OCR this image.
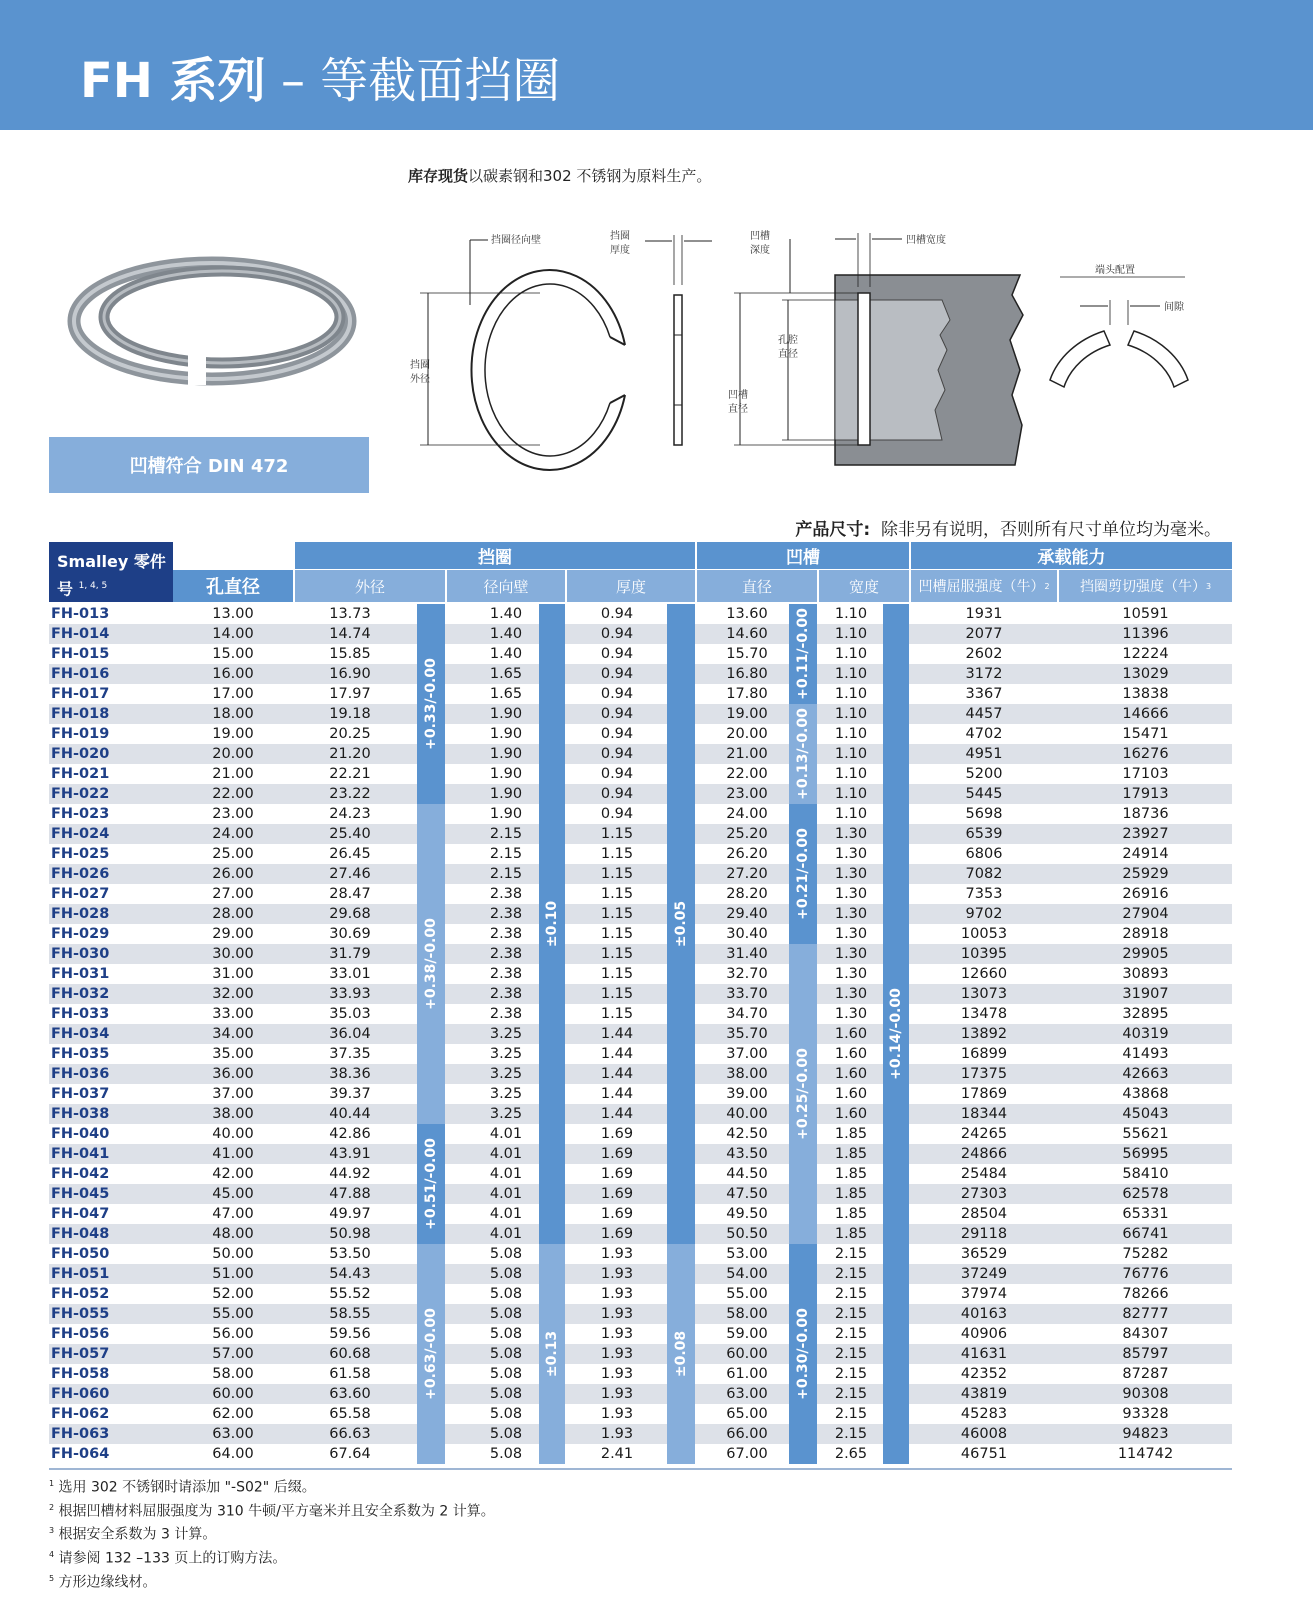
FH 系列 – 等截面挡圈
库存现货以碳素钢和302 不锈钢为原料生产。
凹槽符合 DIN 472
挡圈
外径
挡圈径向壁	挡圈
厚度
凹槽宽度
凹槽
深度
孔腔
直径
凹槽
直径
端头配置
间隙
产品尺寸: 除非另有说明，否则所有尺寸单位均为毫米。
Smalley 零件
号 $^{1, 4, 5}$	孔直径
挡圈	凹槽	承载能力
外径	径向壁	厚度	直径	宽度	凹槽屈服强度（牛） 2 挡圈剪切强度（牛） 3
FH-013	13.00	13.73	1.40	0.94	13.60	1.10	1931	10591
FH-014	14.00	14.74	1.40	0.94	14.60	1.10	2077	11396
FH-015	15.00	15.85	1.40	0.94	15.70	1.10	2602	12224
FH-016	16.00	16.90	1.65	0.94	16.80	1.10	3172	13029
FH-017	17.00	17.97	1.65	0.94	17.80	1.10	3367	13838
FH-018	18.00	19.18	1.90	0.94	19.00	1.10	4457	14666
FH-019	19.00	20.25	1.90	0.94	20.00	1.10	4702	15471
FH-020	20.00	21.20	1.90	0.94	21.00	1.10	4951	16276
FH-021	21.00	22.21	1.90	0.94	22.00	1.10	5200	17103
FH-022	22.00	23.22	1.90	0.94	23.00	1.10	5445	17913
FH-023	23.00	24.23	1.90	0.94	24.00	1.10	5698	18736
FH-024	24.00	25.40	2.15	1.15	25.20	1.30	6539	23927
FH-025	25.00	26.45	2.15	1.15	26.20	1.30	6806	24914
FH-026	26.00	27.46	2.15	1.15	27.20	1.30	7082	25929
FH-027	27.00	28.47	2.38	1.15	28.20	1.30	7353	26916
FH-028	28.00	29.68	2.38	1.15	29.40	1.30	9702	27904
FH-029	29.00	30.69	2.38	1.15	30.40	1.30	10053	28918
FH-030	30.00	31.79	2.38	1.15	31.40	1.30	10395	29905
FH-031	31.00	33.01	2.38	1.15	32.70	1.30	12660	30893
FH-032	32.00	33.93	2.38	1.15	33.70	1.30	13073	31907
FH-033	33.00	35.03	2.38	1.15	34.70	1.30	13478	32895
FH-034	34.00	36.04	3.25	1.44	35.70	1.60	13892	40319
FH-035	35.00	37.35	3.25	1.44	37.00	1.60	16899	41493
FH-036	36.00	38.36	3.25	1.44	38.00	1.60	17375	42663
FH-037	37.00	39.37	3.25	1.44	39.00	1.60	17869	43868
FH-038	38.00	40.44	3.25	1.44	40.00	1.60	18344	45043
FH-040	40.00	42.86	4.01	1.69	42.50	1.85	24265	55621
FH-041	41.00	43.91	4.01	1.69	43.50	1.85	24866	56995
FH-042	42.00	44.92	4.01	1.69	44.50	1.85	25484	58410
FH-045	45.00	47.88	4.01	1.69	47.50	1.85	27303	62578
FH-047	47.00	49.97	4.01	1.69	49.50	1.85	28504	65331
FH-048	48.00	50.98	4.01	1.69	50.50	1.85	29118	66741
FH-050	50.00	53.50	5.08	1.93	53.00	2.15	36529	75282
FH-051	51.00	54.43	5.08	1.93	54.00	2.15	37249	76776
FH-052	52.00	55.52	5.08	1.93	55.00	2.15	37974	78266
FH-055	55.00	58.55	5.08	1.93	58.00	2.15	40163	82777
FH-056	56.00	59.56	5.08	1.93	59.00	2.15	40906	84307
FH-057	57.00	60.68	5.08	1.93	60.00	2.15	41631	85797
FH-058	58.00	61.58	5.08	1.93	61.00	2.15	42352	87287
FH-060	60.00	63.60	5.08	1.93	63.00	2.15	43819	90308
FH-062	62.00	65.58	5.08	1.93	65.00	2.15	45283	93328
FH-063	63.00	66.63	5.08	1.93	66.00	2.15	46008	94823
FH-064	64.00	67.64	5.08	2.41	67.00	2.65	46751	114742
+0.33/-0.00
+0.38/-0.00
+0.51/-0.00
+0.63/-0.00
±0.10
±0.13
±0.05
±0.08
+0.11/-0.00
+0.13/-0.00
+0.21/-0.00
+0.25/-0.00
+0.30/-0.00
+0.14/-0.00
$^1$ 选用 302 不锈钢时请添加 "-S02" 后缀。
$^2$ 根据凹槽材料屈服强度为 310 牛顿/平方毫米并且安全系数为 2 计算。
$^3$ 根据安全系数为 3 计算。
$^4$ 请参阅 132 –133 页上的订购方法。
$^5$ 方形边缘线材。
